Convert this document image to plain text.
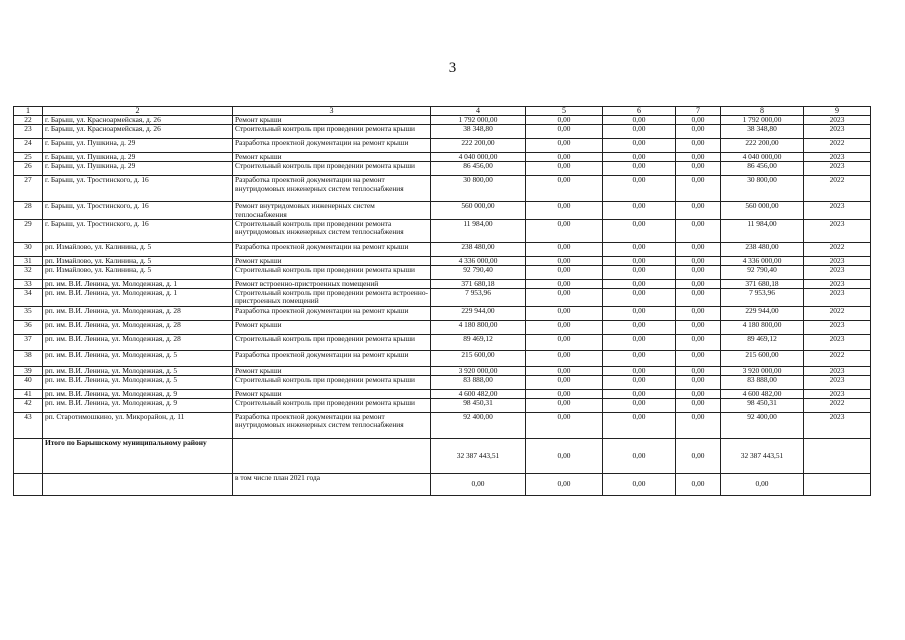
3
1	2	3	4	5	6	7	8	9
22	г. Барыш, ул. Красноармейская, д. 26	Ремонт крыши	1 792 000,00	0,00	0,00	0,00	1 792 000,00	2023
23	г. Барыш, ул. Красноармейская, д. 26	Строительный контроль при проведении ремонта крыши	38 348,80	0,00	0,00	0,00	38 348,80	2023
24	г. Барыш, ул. Пушкина, д. 29	Разработка проектной документации на ремонт крыши	222 200,00	0,00	0,00	0,00	222 200,00	2022
25	г. Барыш, ул. Пушкина, д. 29	Ремонт крыши	4 040 000,00	0,00	0,00	0,00	4 040 000,00	2023
26	г. Барыш, ул. Пушкина, д. 29	Строительный контроль при проведении ремонта крыши	86 456,00	0,00	0,00	0,00	86 456,00	2023
27	г. Барыш, ул. Тростинского, д. 16	Разработка проектной документации на ремонт внутридомовых инженерных систем теплоснабжения	30 800,00	0,00	0,00	0,00	30 800,00	2022
28	г. Барыш, ул. Тростинского, д. 16	Ремонт внутридомовых инженерных систем теплоснабжения	560 000,00	0,00	0,00	0,00	560 000,00	2023
29	г. Барыш, ул. Тростинского, д. 16	Строительный контроль при проведении ремонта внутридомовых инженерных систем теплоснабжения	11 984,00	0,00	0,00	0,00	11 984,00	2023
30	рп. Измайлово, ул. Калинина, д. 5	Разработка проектной документации на ремонт крыши	238 480,00	0,00	0,00	0,00	238 480,00	2022
31	рп. Измайлово, ул. Калинина, д. 5	Ремонт крыши	4 336 000,00	0,00	0,00	0,00	4 336 000,00	2023
32	рп. Измайлово, ул. Калинина, д. 5	Строительный контроль при проведении ремонта крыши	92 790,40	0,00	0,00	0,00	92 790,40	2023
33	рп. им. В.И. Ленина, ул. Молодежная, д. 1	Ремонт встроенно-пристроенных помещений	371 680,18	0,00	0,00	0,00	371 680,18	2023
34	рп. им. В.И. Ленина, ул. Молодежная, д. 1	Строительный контроль при проведении ремонта встроенно-пристроенных помещений	7 953,96	0,00	0,00	0,00	7 953,96	2023
35	рп. им. В.И. Ленина, ул. Молодежная, д. 28	Разработка проектной документации на ремонт крыши	229 944,00	0,00	0,00	0,00	229 944,00	2022
36	рп. им. В.И. Ленина, ул. Молодежная, д. 28	Ремонт крыши	4 180 800,00	0,00	0,00	0,00	4 180 800,00	2023
37	рп. им. В.И. Ленина, ул. Молодежная, д. 28	Строительный контроль при проведении ремонта крыши	89 469,12	0,00	0,00	0,00	89 469,12	2023
38	рп. им. В.И. Ленина, ул. Молодежная, д. 5	Разработка проектной документации на ремонт крыши	215 600,00	0,00	0,00	0,00	215 600,00	2022
39	рп. им. В.И. Ленина, ул. Молодежная, д. 5	Ремонт крыши	3 920 000,00	0,00	0,00	0,00	3 920 000,00	2023
40	рп. им. В.И. Ленина, ул. Молодежная, д. 5	Строительный контроль при проведении ремонта крыши	83 888,00	0,00	0,00	0,00	83 888,00	2023
41	рп. им. В.И. Ленина, ул. Молодежная, д. 9	Ремонт крыши	4 600 482,00	0,00	0,00	0,00	4 600 482,00	2023
42	рп. им. В.И. Ленина, ул. Молодежная, д. 9	Строительный контроль при проведении ремонта крыши	98 450,31	0,00	0,00	0,00	98 450,31	2022
43	рп. Старотимошкино, ул. Микрорайон, д. 11	Разработка проектной документации на ремонт внутридомовых инженерных систем теплоснабжения	92 400,00	0,00	0,00	0,00	92 400,00	2023
	Итого по Барышскому муниципальному району		32 387 443,51	0,00	0,00	0,00	32 387 443,51	
		в том числе план 2021 года	0,00	0,00	0,00	0,00	0,00	
